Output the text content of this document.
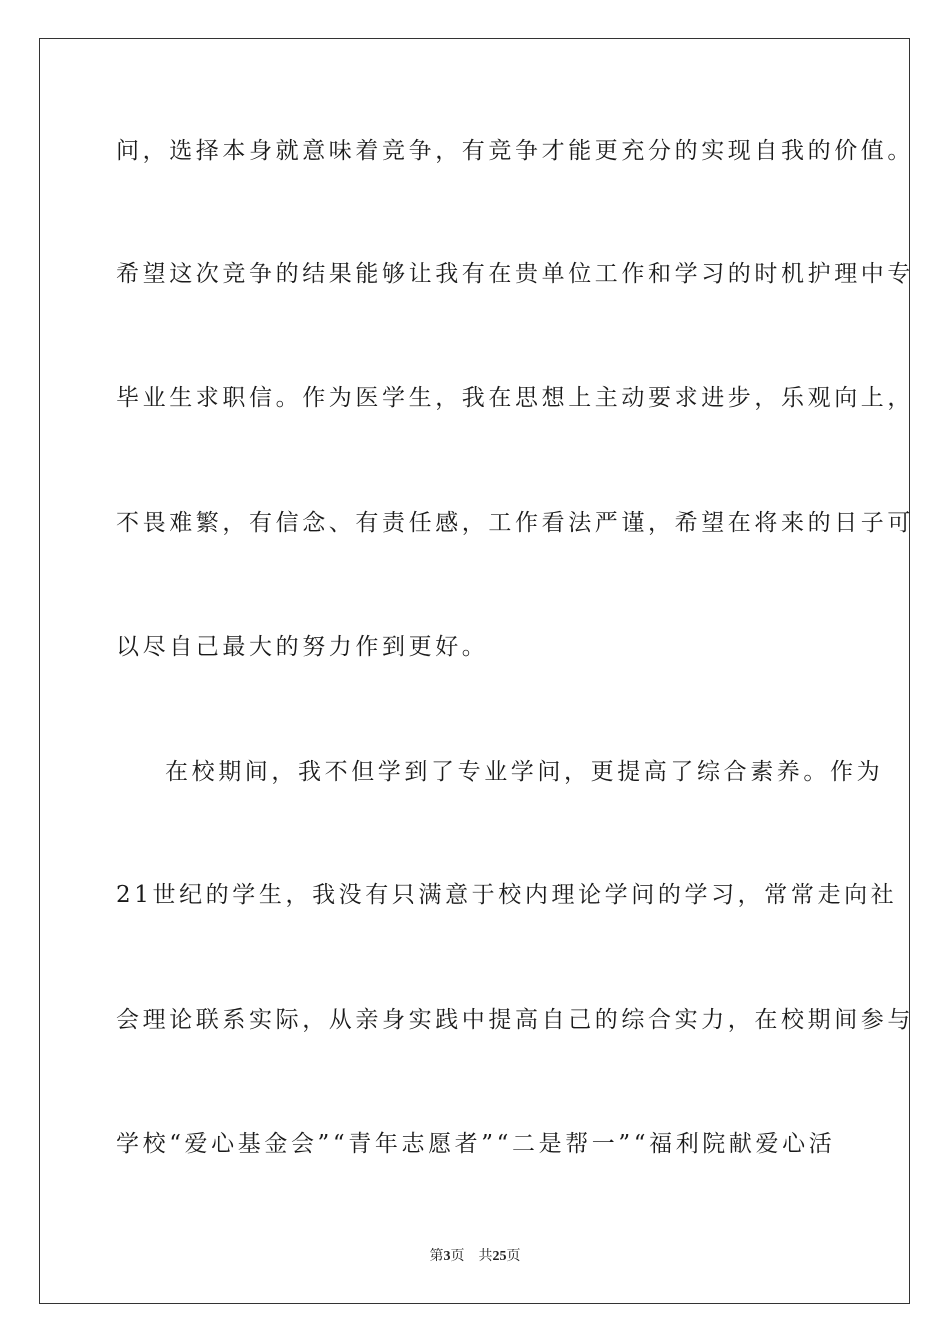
问，选择本身就意味着竞争，有竞争才能更充分的实现自我的价值。
希望这次竞争的结果能够让我有在贵单位工作和学习的时机护理中专
毕业生求职信。作为医学生，我在思想上主动要求进步，乐观向上，
不畏难繁，有信念、有责任感，工作看法严谨，希望在将来的日子可
以尽自己最大的努力作到更好。
在校期间，我不但学到了专业学问，更提高了综合素养。作为
21世纪的学生，我没有只满意于校内理论学问的学习，常常走向社
会理论联系实际，从亲身实践中提高自己的综合实力，在校期间参与
学校“爱心基金会”“青年志愿者”“二是帮一”“福利院献爱心活
第3页 共25页
